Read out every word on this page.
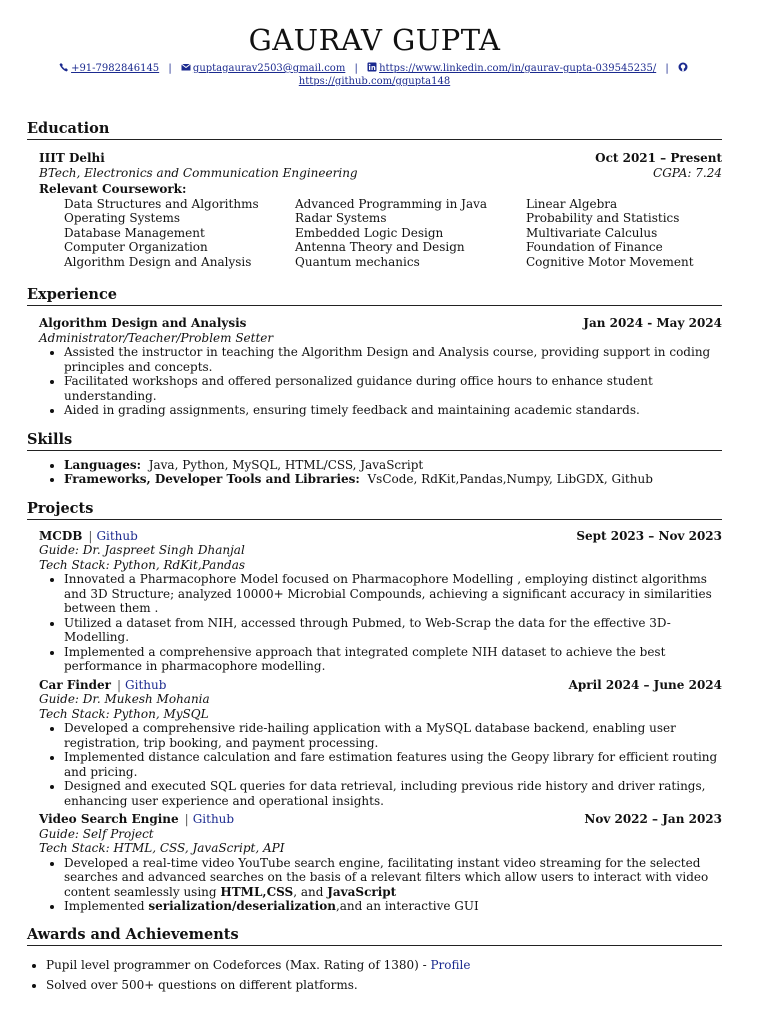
GAURAV GUPTA
+91-7982846145 | guptagaurav2503@gmail.com | https://www.linkedin.com/in/gaurav-gupta-039545235/ |
https://github.com/ggupta148
Education
IIIT Delhi	Oct 2021 – Present
BTech, Electronics and Communication Engineering	CGPA: 7.24
Relevant Coursework:
Data Structures and Algorithms	Advanced Programming in Java	Linear Algebra
Operating Systems	Radar Systems	Probability and Statistics
Database Management	Embedded Logic Design	Multivariate Calculus
Computer Organization	Antenna Theory and Design	Foundation of Finance
Algorithm Design and Analysis	Quantum mechanics	Cognitive Motor Movement
Experience
Algorithm Design and Analysis	Jan 2024 - May 2024
Administrator/Teacher/Problem Setter
• Assisted the instructor in teaching the Algorithm Design and Analysis course, providing support in coding principles and concepts.
• Facilitated workshops and offered personalized guidance during office hours to enhance student understanding.
• Aided in grading assignments, ensuring timely feedback and maintaining academic standards.
Skills
• Languages: Java, Python, MySQL, HTML/CSS, JavaScript
• Frameworks, Developer Tools and Libraries: VsCode, RdKit,Pandas,Numpy, LibGDX, Github
Projects
MCDB | Github	Sept 2023 – Nov 2023
Guide: Dr. Jaspreet Singh Dhanjal
Tech Stack: Python, RdKit,Pandas
• Innovated a Pharmacophore Model focused on Pharmacophore Modelling , employing distinct algorithms and 3D Structure; analyzed 10000+ Microbial Compounds, achieving a significant accuracy in similarities between them .
• Utilized a dataset from NIH, accessed through Pubmed, to Web-Scrap the data for the effective 3D-Modelling.
• Implemented a comprehensive approach that integrated complete NIH dataset to achieve the best performance in pharmacophore modelling.
Car Finder | Github	April 2024 – June 2024
Guide: Dr. Mukesh Mohania
Tech Stack: Python, MySQL
• Developed a comprehensive ride-hailing application with a MySQL database backend, enabling user registration, trip booking, and payment processing.
• Implemented distance calculation and fare estimation features using the Geopy library for efficient routing and pricing.
• Designed and executed SQL queries for data retrieval, including previous ride history and driver ratings, enhancing user experience and operational insights.
Video Search Engine | Github	Nov 2022 – Jan 2023
Guide: Self Project
Tech Stack: HTML, CSS, JavaScript, API
• Developed a real-time video YouTube search engine, facilitating instant video streaming for the selected searches and advanced searches on the basis of a relevant filters which allow users to interact with video content seamlessly using HTML,CSS, and JavaScript
• Implemented serialization/deserialization,and an interactive GUI
Awards and Achievements
• Pupil level programmer on Codeforces (Max. Rating of 1380) - Profile
• Solved over 500+ questions on different platforms.
